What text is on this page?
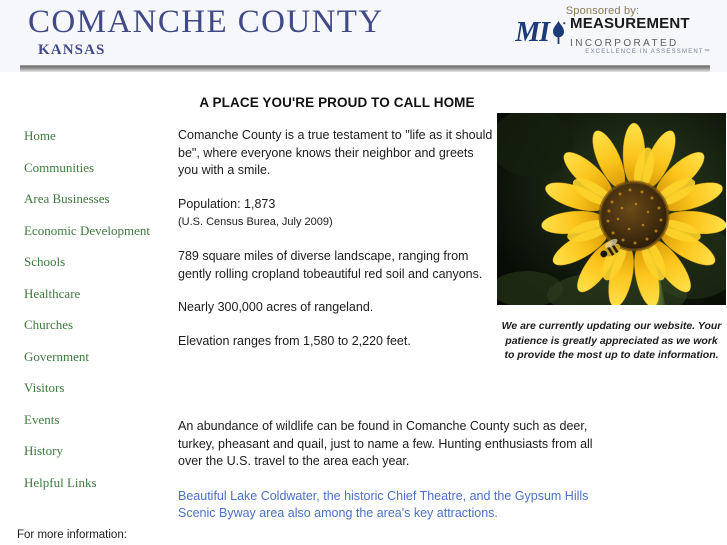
COMANCHE COUNTY
KANSAS
Sponsored by:
MI MEASUREMENT
INCORPORATED
EXCELLENCE IN ASSESSMENT™
Home
Communities
Area Businesses
Economic Development
Schools
Healthcare
Churches
Government
Visitors
Events
History
Helpful Links
A PLACE YOU'RE PROUD TO CALL HOME

Comanche County is a true testament to "life as it should be", where everyone knows their neighbor and greets you with a smile.

Population: 1,873

(U.S. Census Burea, July 2009)

789 square miles of diverse landscape, ranging from gently rolling cropland tobeautiful red soil and canyons.

Nearly 300,000 acres of rangeland.

Elevation ranges from 1,580 to 2,220 feet.

We are currently updating our website. Your patience is greatly appreciated as we work to provide the most up to date information.

An abundance of wildlife can be found in Comanche County such as deer, turkey, pheasant and quail, just to name a few. Hunting enthusiasts from all over the U.S. travel to the area each year.

Beautiful Lake Coldwater, the historic Chief Theatre, and the Gypsum Hills Scenic Byway area also among the area's key attractions.
For more information:
